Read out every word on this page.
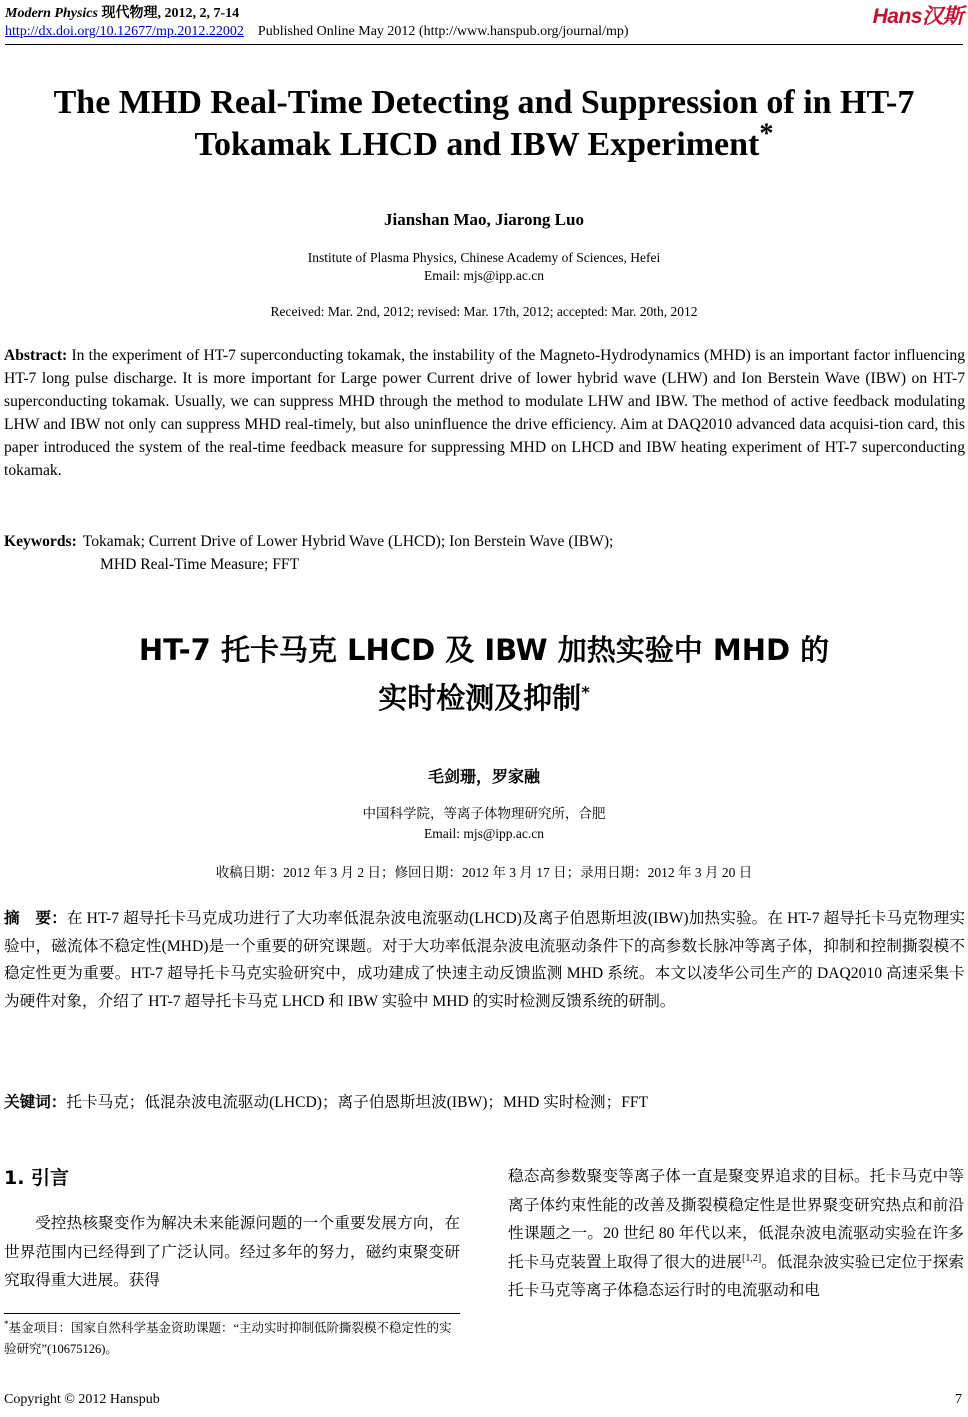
Modern Physics 现代物理, 2012, 2, 7-14
http://dx.doi.org/10.12677/mp.2012.22002 Published Online May 2012 (http://www.hanspub.org/journal/mp)
Hans汉斯
The MHD Real-Time Detecting and Suppression of in HT-7
Tokamak LHCD and IBW Experiment*
Jianshan Mao, Jiarong Luo
Institute of Plasma Physics, Chinese Academy of Sciences, Hefei
Email: mjs@ipp.ac.cn
Received: Mar. 2nd, 2012; revised: Mar. 17th, 2012; accepted: Mar. 20th, 2012
Abstract: In the experiment of HT-7 superconducting tokamak, the instability of the Magneto-Hydrodynamics (MHD) is an important factor influencing HT-7 long pulse discharge. It is more important for Large power Current drive of lower hybrid wave (LHW) and Ion Berstein Wave (IBW) on HT-7 superconducting tokamak. Usually, we can suppress MHD through the method to modulate LHW and IBW. The method of active feedback modulating LHW and IBW not only can suppress MHD real-timely, but also uninfluence the drive efficiency. Aim at DAQ2010 advanced data acquisi-tion card, this paper introduced the system of the real-time feedback measure for suppressing MHD on LHCD and IBW heating experiment of HT-7 superconducting tokamak.
Keywords: Tokamak; Current Drive of Lower Hybrid Wave (LHCD); Ion Berstein Wave (IBW);
MHD Real-Time Measure; FFT
HT-7 托卡马克 LHCD 及 IBW 加热实验中 MHD 的
实时检测及抑制*
毛剑珊，罗家融
中国科学院，等离子体物理研究所，合肥
Email: mjs@ipp.ac.cn
收稿日期：2012 年 3 月 2 日；修回日期：2012 年 3 月 17 日；录用日期：2012 年 3 月 20 日
摘　要：在 HT-7 超导托卡马克成功进行了大功率低混杂波电流驱动(LHCD)及离子伯恩斯坦波(IBW)加热实验。在 HT-7 超导托卡马克物理实验中，磁流体不稳定性(MHD)是一个重要的研究课题。对于大功率低混杂波电流驱动条件下的高参数长脉冲等离子体，抑制和控制撕裂模不稳定性更为重要。HT-7 超导托卡马克实验研究中，成功建成了快速主动反馈监测 MHD 系统。本文以凌华公司生产的 DAQ2010 高速采集卡为硬件对象，介绍了 HT-7 超导托卡马克 LHCD 和 IBW 实验中 MHD 的实时检测反馈系统的研制。
关键词：托卡马克；低混杂波电流驱动(LHCD)；离子伯恩斯坦波(IBW)；MHD 实时检测；FFT
1. 引言
受控热核聚变作为解决未来能源问题的一个重要发展方向，在世界范围内已经得到了广泛认同。经过多年的努力，磁约束聚变研究取得重大进展。获得
稳态高参数聚变等离子体一直是聚变界追求的目标。托卡马克中等离子体约束性能的改善及撕裂模稳定性是世界聚变研究热点和前沿性课题之一。20 世纪 80 年代以来，低混杂波电流驱动实验在许多托卡马克装置上取得了很大的进展[1,2]。低混杂波实验已定位于探索托卡马克等离子体稳态运行时的电流驱动和电
*基金项目：国家自然科学基金资助课题：“主动实时抑制低阶撕裂模不稳定性的实验研究”(10675126)。
Copyright © 2012 Hanspub	7
